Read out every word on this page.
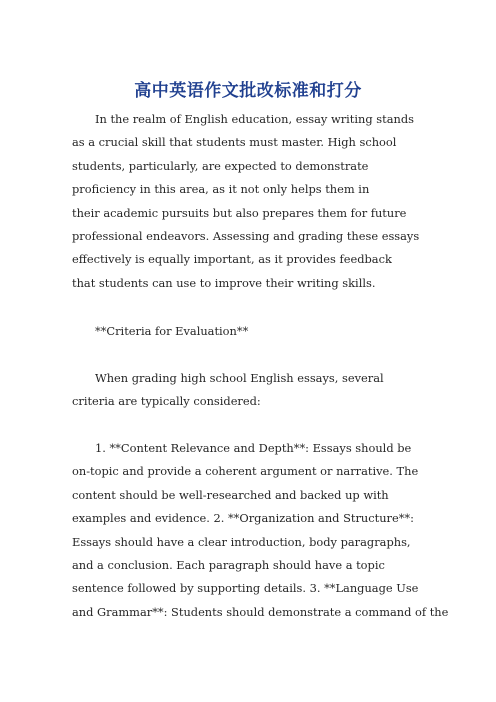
高中英语作文批改标准和打分
In the realm of English education, essay writing stands
as a crucial skill that students must master. High school
students, particularly, are expected to demonstrate
proficiency in this area, as it not only helps them in
their academic pursuits but also prepares them for future
professional endeavors. Assessing and grading these essays
effectively is equally important, as it provides feedback
that students can use to improve their writing skills.
**Criteria for Evaluation**
When grading high school English essays, several
criteria are typically considered:
1. **Content Relevance and Depth**: Essays should be
on-topic and provide a coherent argument or narrative. The
content should be well-researched and backed up with
examples and evidence. 2. **Organization and Structure**:
Essays should have a clear introduction, body paragraphs,
and a conclusion. Each paragraph should have a topic
sentence followed by supporting details. 3. **Language Use
and Grammar**: Students should demonstrate a command of the
